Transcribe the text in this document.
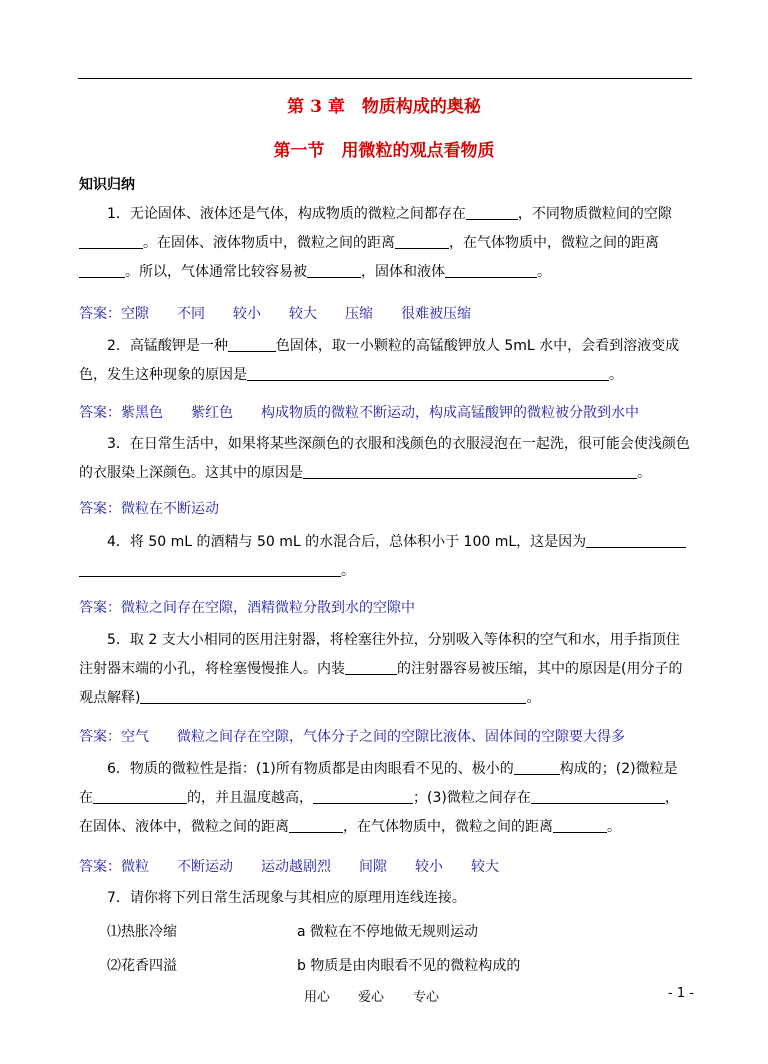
第 3 章　物质构成的奥秘
第一节　用微粒的观点看物质
知识归纳
1．无论固体、液体还是气体，构成物质的微粒之间都存在	，不同物质微粒间的空隙。在固体、液体物质中，微粒之间的距离	，在气体物质中，微粒之间的距离。所以，气体通常比较容易被	，固体和液体	。
答案：空隙 不同 较小 较大 压缩 很难被压缩
2．高锰酸钾是一种	色固体，取一小颗粒的高锰酸钾放人 5mL 水中，会看到溶液变成色，发生这种现象的原因是	。
答案：紫黑色 紫红色 构成物质的微粒不断运动，构成高锰酸钾的微粒被分散到水中
3．在日常生活中，如果将某些深颜色的衣服和浅颜色的衣服浸泡在一起洗，很可能会使浅颜色的衣服染上深颜色。这其中的原因是	。
答案：微粒在不断运动
4．将 50 mL 的酒精与 50 mL 的水混合后，总体积小于 100 mL，这是因为。
答案：微粒之间存在空隙，酒精微粒分散到水的空隙中
5．取 2 支大小相同的医用注射器，将栓塞往外拉，分别吸入等体积的空气和水，用手指顶住注射器末端的小孔，将栓塞慢慢推人。内装	的注射器容易被压缩，其中的原因是(用分子的观点解释)	。
答案：空气 微粒之间存在空隙，气体分子之间的空隙比液体、固体间的空隙要大得多
6．物质的微粒性是指：(1)所有物质都是由肉眼看不见的、极小的	构成的；(2)微粒是在	的，并且温度越高，	；(3)微粒之间存在	，在固体、液体中，微粒之间的距离	，在气体物质中，微粒之间的距离	。
答案：微粒 不断运动 运动越剧烈 间隙 较小 较大
7．请你将下列日常生活现象与其相应的原理用连线连接。
⑴热胀冷缩	a 微粒在不停地做无规则运动
⑵花香四溢	b 物质是由肉眼看不见的微粒构成的
用心 爱心 专心	- 1 -
